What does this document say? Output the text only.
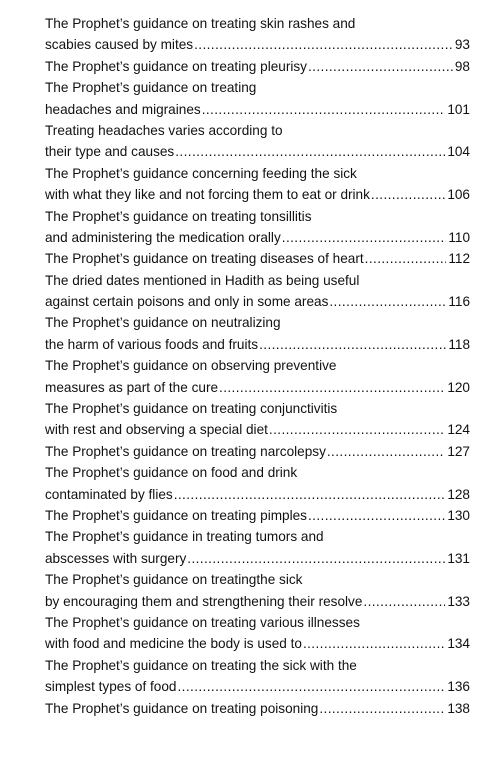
The Prophet’s guidance on treating skin rashes and
scabies caused by mites .....	93
The Prophet’s guidance on treating pleurisy .....	98
The Prophet’s guidance on treating
headaches and migraines .....	101
Treating headaches varies according to
their type and causes .....	104
The Prophet’s guidance concerning feeding the sick
with what they like and not forcing them to eat or drink .....	106
The Prophet’s guidance on treating tonsillitis
and administering the medication orally .....	110
The Prophet’s guidance on treating diseases of heart .....	112
The dried dates mentioned in Hadith as being useful
against certain poisons and only in some areas .....	116
The Prophet’s guidance on neutralizing
the harm of various foods and fruits .....	118
The Prophet’s guidance on observing preventive
measures as part of the cure .....	120
The Prophet’s guidance on treating conjunctivitis
with rest and observing a special diet .....	124
The Prophet’s guidance on treating narcolepsy .....	127
The Prophet’s guidance on food and drink
contaminated by flies .....	128
The Prophet’s guidance on treating pimples .....	130
The Prophet’s guidance in treating tumors and
abscesses with surgery .....	131
The Prophet’s guidance on treatingthe sick
by encouraging them and strengthening their resolve .....	133
The Prophet’s guidance on treating various illnesses
with food and medicine the body is used to .....	134
The Prophet’s guidance on treating the sick with the
simplest types of food .....	136
The Prophet’s guidance on treating poisoning .....	138
